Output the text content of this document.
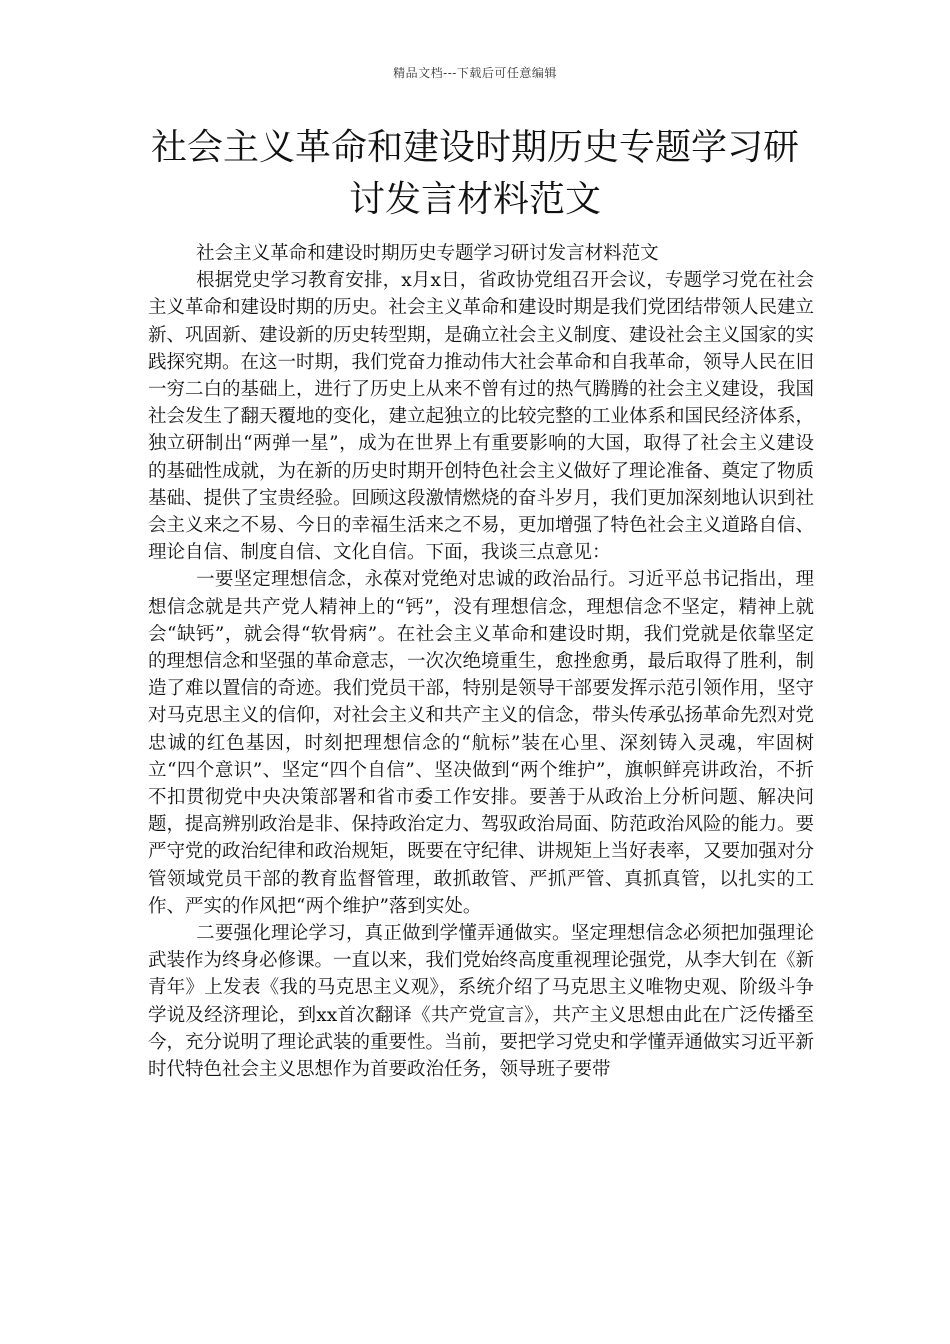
精品文档---下载后可任意编辑
社会主义革命和建设时期历史专题学习研讨发言材料范文

社会主义革命和建设时期历史专题学习研讨发言材料范文

根据党史学习教育安排，x月x日，省政协党组召开会议，专题学习党在社会主义革命和建设时期的历史。社会主义革命和建设时期是我们党团结带领人民建立新、巩固新、建设新的历史转型期，是确立社会主义制度、建设社会主义国家的实践探究期。在这一时期，我们党奋力推动伟大社会革命和自我革命，领导人民在旧一穷二白的基础上，进行了历史上从来不曾有过的热气腾腾的社会主义建设，我国社会发生了翻天覆地的变化，建立起独立的比较完整的工业体系和国民经济体系，独立研制出“两弹一星”，成为在世界上有重要影响的大国，取得了社会主义建设的基础性成就，为在新的历史时期开创特色社会主义做好了理论准备、奠定了物质基础、提供了宝贵经验。回顾这段激情燃烧的奋斗岁月，我们更加深刻地认识到社会主义来之不易、今日的幸福生活来之不易，更加增强了特色社会主义道路自信、理论自信、制度自信、文化自信。下面，我谈三点意见：

一要坚定理想信念，永葆对党绝对忠诚的政治品行。习近平总书记指出，理想信念就是共产党人精神上的“钙”，没有理想信念，理想信念不坚定，精神上就会“缺钙”，就会得“软骨病”。在社会主义革命和建设时期，我们党就是依靠坚定的理想信念和坚强的革命意志，一次次绝境重生，愈挫愈勇，最后取得了胜利，制造了难以置信的奇迹。我们党员干部，特别是领导干部要发挥示范引领作用，坚守对马克思主义的信仰，对社会主义和共产主义的信念，带头传承弘扬革命先烈对党忠诚的红色基因，时刻把理想信念的“航标”装在心里、深刻铸入灵魂，牢固树立“四个意识”、坚定“四个自信”、坚决做到“两个维护”，旗帜鲜亮讲政治，不折不扣贯彻党中央决策部署和省市委工作安排。要善于从政治上分析问题、解决问题，提高辨别政治是非、保持政治定力、驾驭政治局面、防范政治风险的能力。要严守党的政治纪律和政治规矩，既要在守纪律、讲规矩上当好表率，又要加强对分管领域党员干部的教育监督管理，敢抓敢管、严抓严管、真抓真管，以扎实的工作、严实的作风把“两个维护”落到实处。

二要强化理论学习，真正做到学懂弄通做实。坚定理想信念必须把加强理论武装作为终身必修课。一直以来，我们党始终高度重视理论强党，从李大钊在《新青年》上发表《我的马克思主义观》，系统介绍了马克思主义唯物史观、阶级斗争学说及经济理论，到xx首次翻译《共产党宣言》，共产主义思想由此在广泛传播至今，充分说明了理论武装的重要性。当前，要把学习党史和学懂弄通做实习近平新时代特色社会主义思想作为首要政治任务，领导班子要带
